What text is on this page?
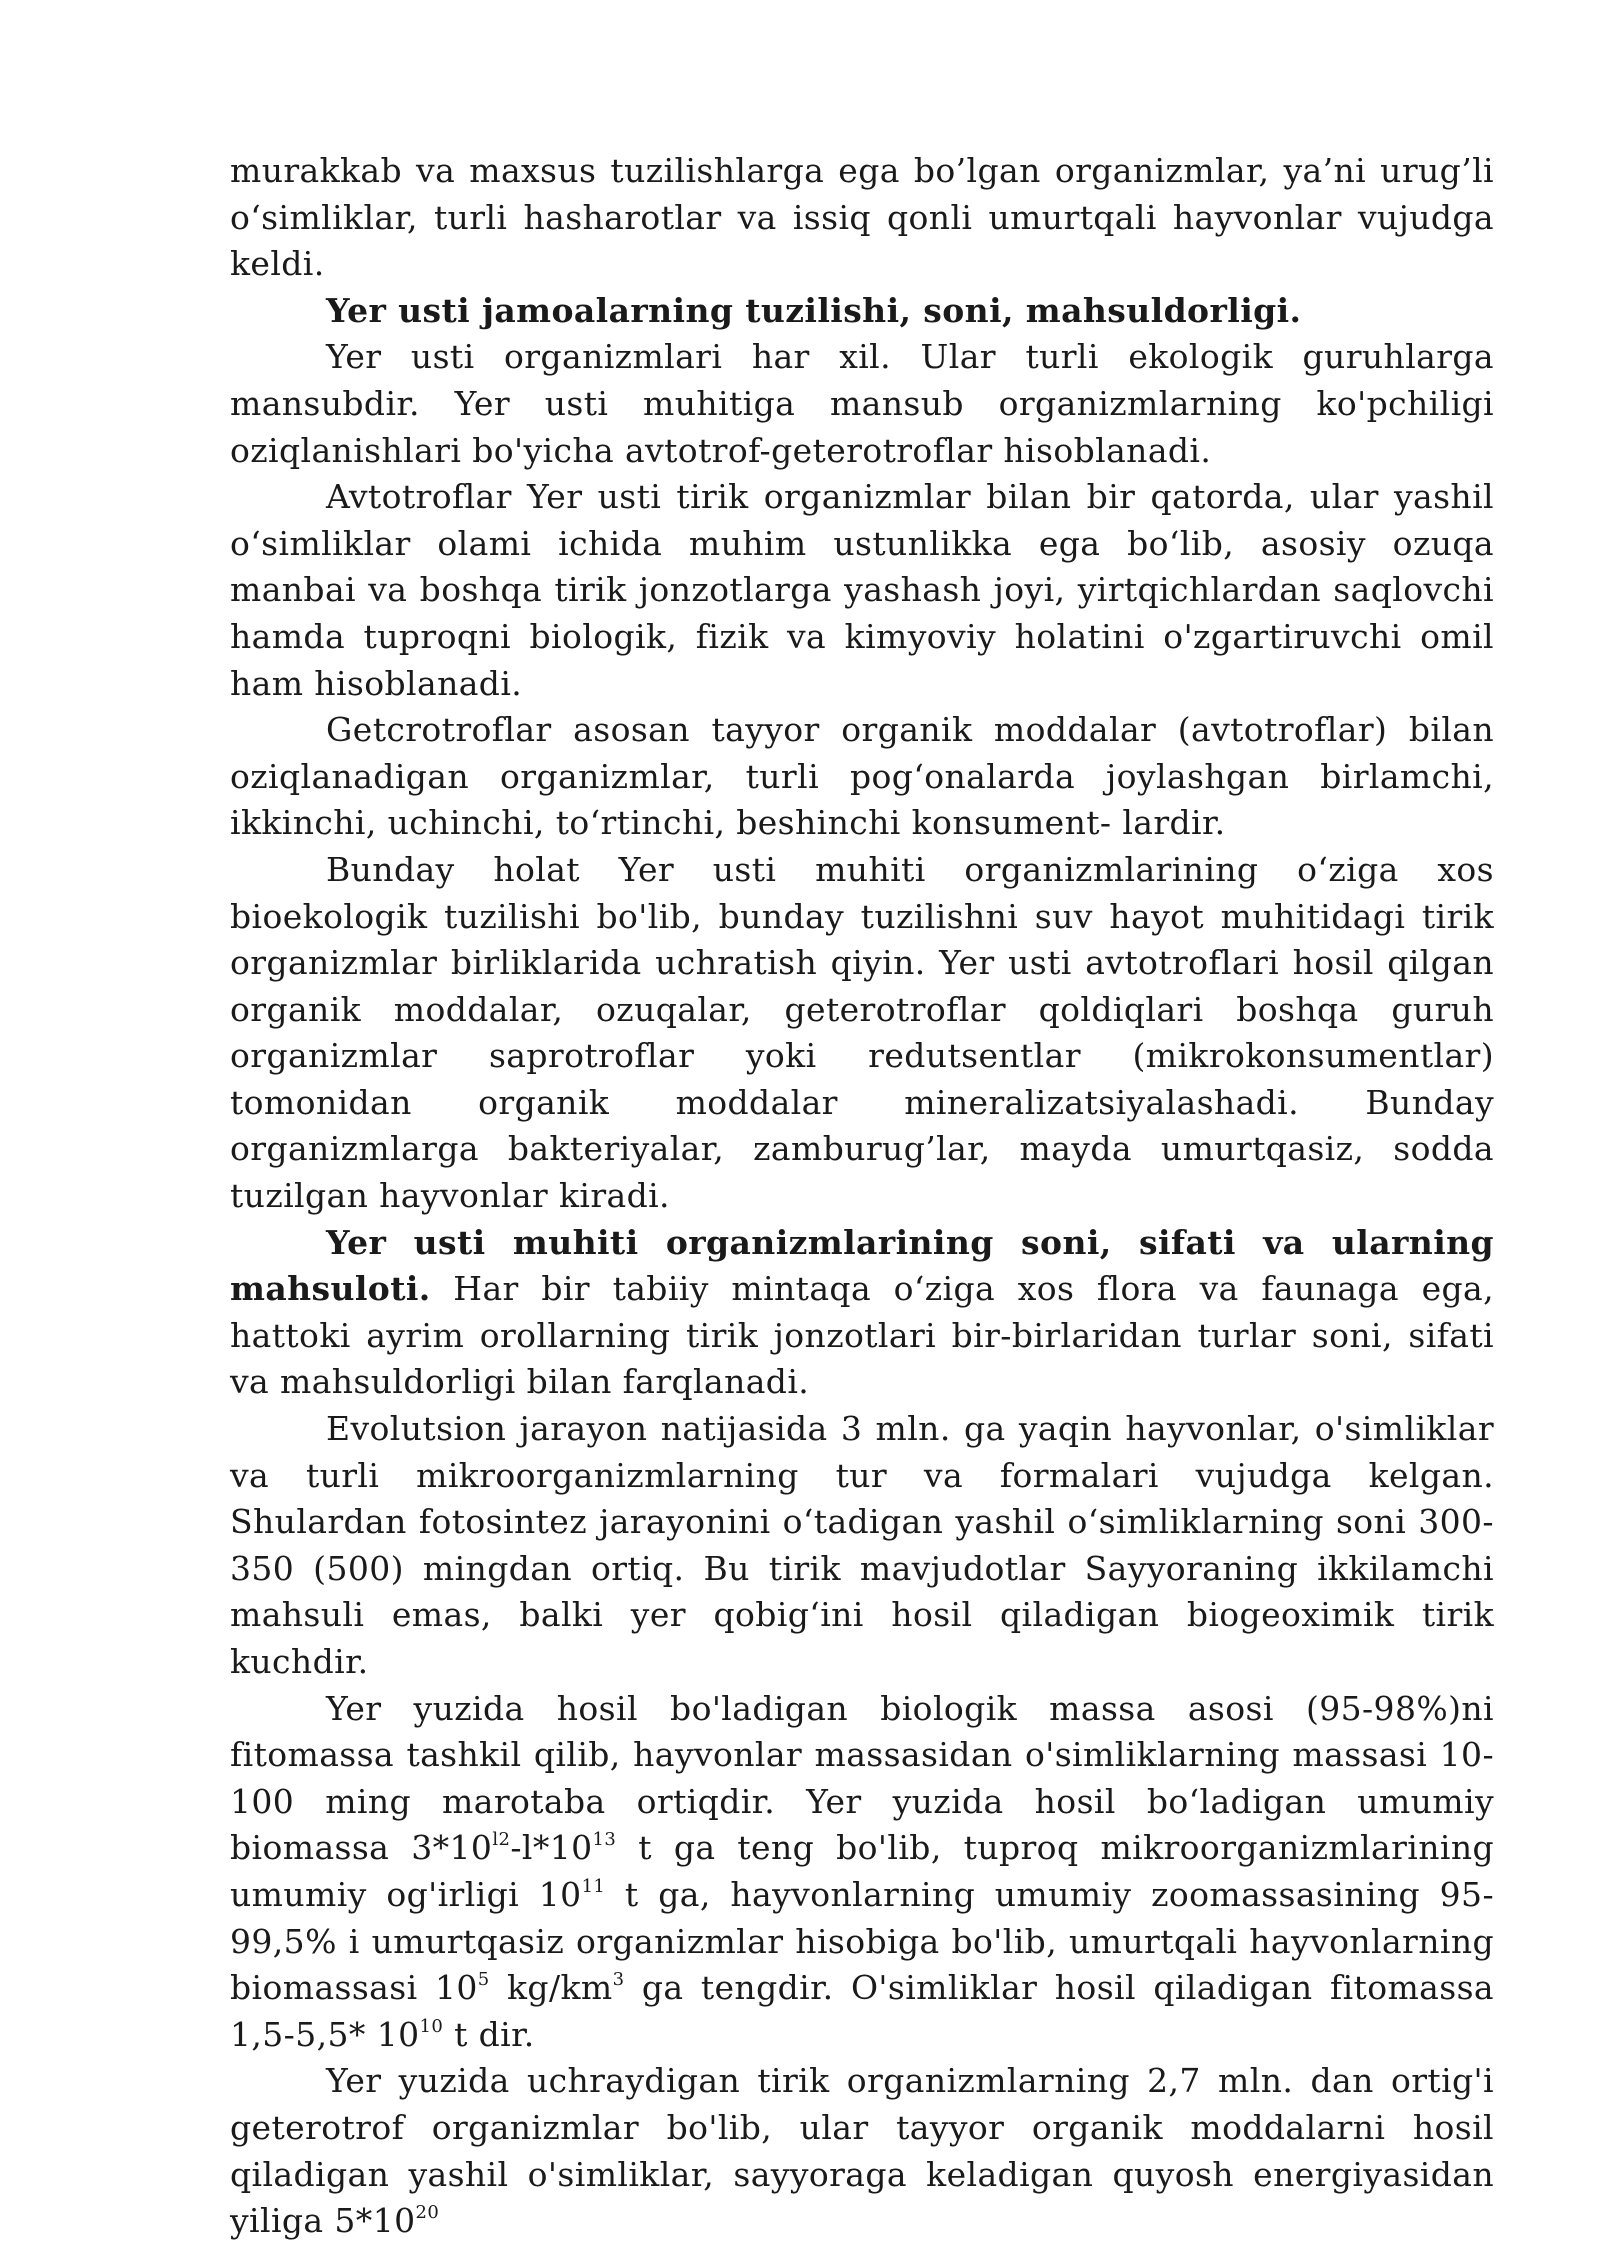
murakkab va maxsus tuzilishlarga ega bo’lgan organizmlar, ya’ni urug’li o‘simliklar, turli hasharotlar va issiq qonli umurtqali hayvonlar vujudga keldi.

Yer usti jamoalarning tuzilishi, soni, mahsuldorligi.

Yer usti organizmlari har xil. Ular turli ekologik guruhlarga mansubdir. Yer usti muhitiga mansub organizmlarning ko'pchiligi oziqlanishlari bo'yicha avtotrof-geterotroflar hisoblanadi.

Avtotroflar Yer usti tirik organizmlar bilan bir qatorda, ular yashil o‘simliklar olami ichida muhim ustunlikka ega bo‘lib, asosiy ozuqa manbai va boshqa tirik jonzotlarga yashash joyi, yirtqichlardan saqlovchi hamda tuproqni biologik, fizik va kimyoviy holatini o'zgartiruvchi omil ham hisoblanadi.

Getcrotroflar asosan tayyor organik moddalar (avtotroflar) bilan oziqlanadigan organizmlar, turli pog‘onalarda joylashgan birlamchi, ikkinchi, uchinchi, to‘rtinchi, beshinchi konsument- lardir.

Bunday holat Yer usti muhiti organizmlarining o‘ziga xos bioekologik tuzilishi bo'lib, bunday tuzilishni suv hayot muhitidagi tirik organizmlar birliklarida uchratish qiyin. Yer usti avtotroflari hosil qilgan organik moddalar, ozuqalar, geterotroflar qoldiqlari boshqa guruh organizmlar saprotroflar yoki redutsentlar (mikrokonsumentlar) tomonidan organik moddalar mineralizatsiyalashadi. Bunday organizmlarga bakteriyalar, zamburug’lar, mayda umurtqasiz, sodda tuzilgan hayvonlar kiradi.

Yer usti muhiti organizmlarining soni, sifati va ularning mahsuloti. Har bir tabiiy mintaqa o‘ziga xos flora va faunaga ega, hattoki ayrim orollarning tirik jonzotlari bir-birlaridan turlar soni, sifati va mahsuldorligi bilan farqlanadi.

Evolutsion jarayon natijasida 3 mln. ga yaqin hayvonlar, o'simliklar va turli mikroorganizmlarning tur va formalari vujudga kelgan. Shulardan fotosintez jarayonini o‘tadigan yashil o‘simliklarning soni 300-350 (500) mingdan ortiq. Bu tirik mavjudotlar Sayyoraning ikkilamchi mahsuli emas, balki yer qobig‘ini hosil qiladigan biogeoximik tirik kuchdir.

Yer yuzida hosil bo'ladigan biologik massa asosi (95-98%)ni fitomassa tashkil qilib, hayvonlar massasidan o'simliklarning massasi 10-100 ming marotaba ortiqdir. Yer yuzida hosil bo‘ladigan umumiy biomassa $3*10^{l2}-l*10^{13}$ t ga teng bo'lib, tuproq mikroorganizmlarining umumiy og'irligi $10^{11}$ t ga, hayvonlarning umumiy zoomassasining 95-99,5% i umurtqasiz organizmlar hisobiga bo'lib, umurtqali hayvonlarning biomassasi $10^5$ $kg/km^3$ ga tengdir. O'simliklar hosil qiladigan fitomassa 1,5-5,5* $10^{10}$ t dir.

Yer yuzida uchraydigan tirik organizmlarning 2,7 mln. dan ortig'i geterotrof organizmlar bo'lib, ular tayyor organik moddalarni hosil qiladigan yashil o'simliklar, sayyoraga keladigan quyosh energiyasidan yiliga $5*10^{20}$
